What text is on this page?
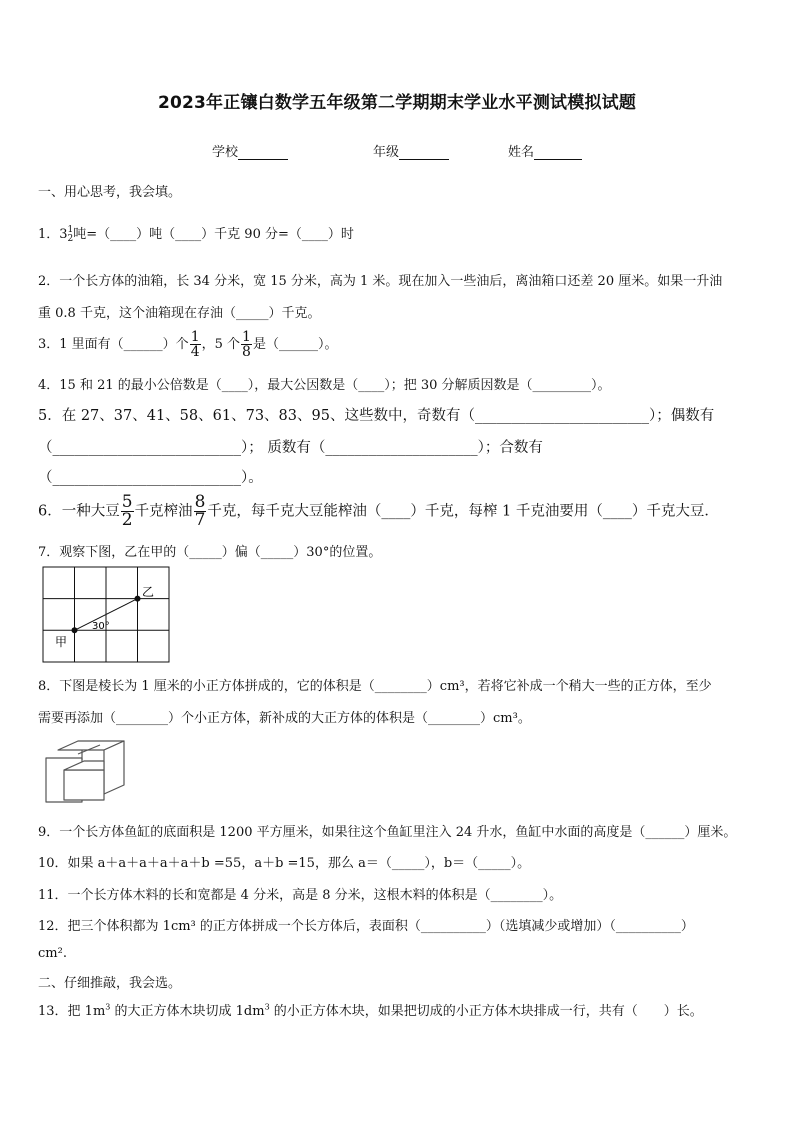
2023年正镶白数学五年级第二学期期末学业水平测试模拟试题
学校	年级	姓名
一、用心思考，我会填。
1．3 1
2 吨=（____）吨（____）千克 90 分=（____）时
2．一个长方体的油箱，长 34 分米，宽 15 分米，高为 1 米。现在加入一些油后，离油箱口还差 20 厘米。如果一升油
重 0.8 千克，这个油箱现在存油（_____）千克。
3．1 里面有（______）个 $\frac{1}{4}$ ，5 个 $\frac{1}{8}$ 是（______）。
4．15 和 21 的最小公倍数是（____），最大公因数是（____）；把 30 分解质因数是（_________）。
5．在 27、37、41、58、61、73、83、95、这些数中，奇数有（________________________）；偶数有
（__________________________）； 质数有（_____________________）；合数有
（__________________________）。
6．一种大豆 $\frac{5}{2}$ 千克榨油 $\frac{8}{7}$ 千克，每千克大豆能榨油（____）千克，每榨 1 千克油要用（____）千克大豆．
7．观察下图，乙在甲的（_____）偏（_____）30°的位置。
甲
乙
30°
8．下图是棱长为 1 厘米的小正方体拼成的，它的体积是（________）cm³，若将它补成一个稍大一些的正方体，至少
需要再添加（________）个小正方体，新补成的大正方体的体积是（________）cm³。
9．一个长方体鱼缸的底面积是 1200 平方厘米，如果往这个鱼缸里注入 24 升水，鱼缸中水面的高度是（______）厘米。
10．如果 a＋a＋a＋a＋a＋b =55，a＋b =15，那么 a＝（_____），b＝（_____）。
11．一个长方体木料的长和宽都是 4 分米，高是 8 分米，这根木料的体积是（________）。
12．把三个体积都为 1cm³ 的正方体拼成一个长方体后，表面积（__________）（选填减少或增加）（__________）
cm².
二、仔细推敲，我会选。
13．把 $1m^3$ 的大正方体木块切成 $1dm^3$ 的小正方体木块，如果把切成的小正方体木块排成一行，共有（　　）长。
